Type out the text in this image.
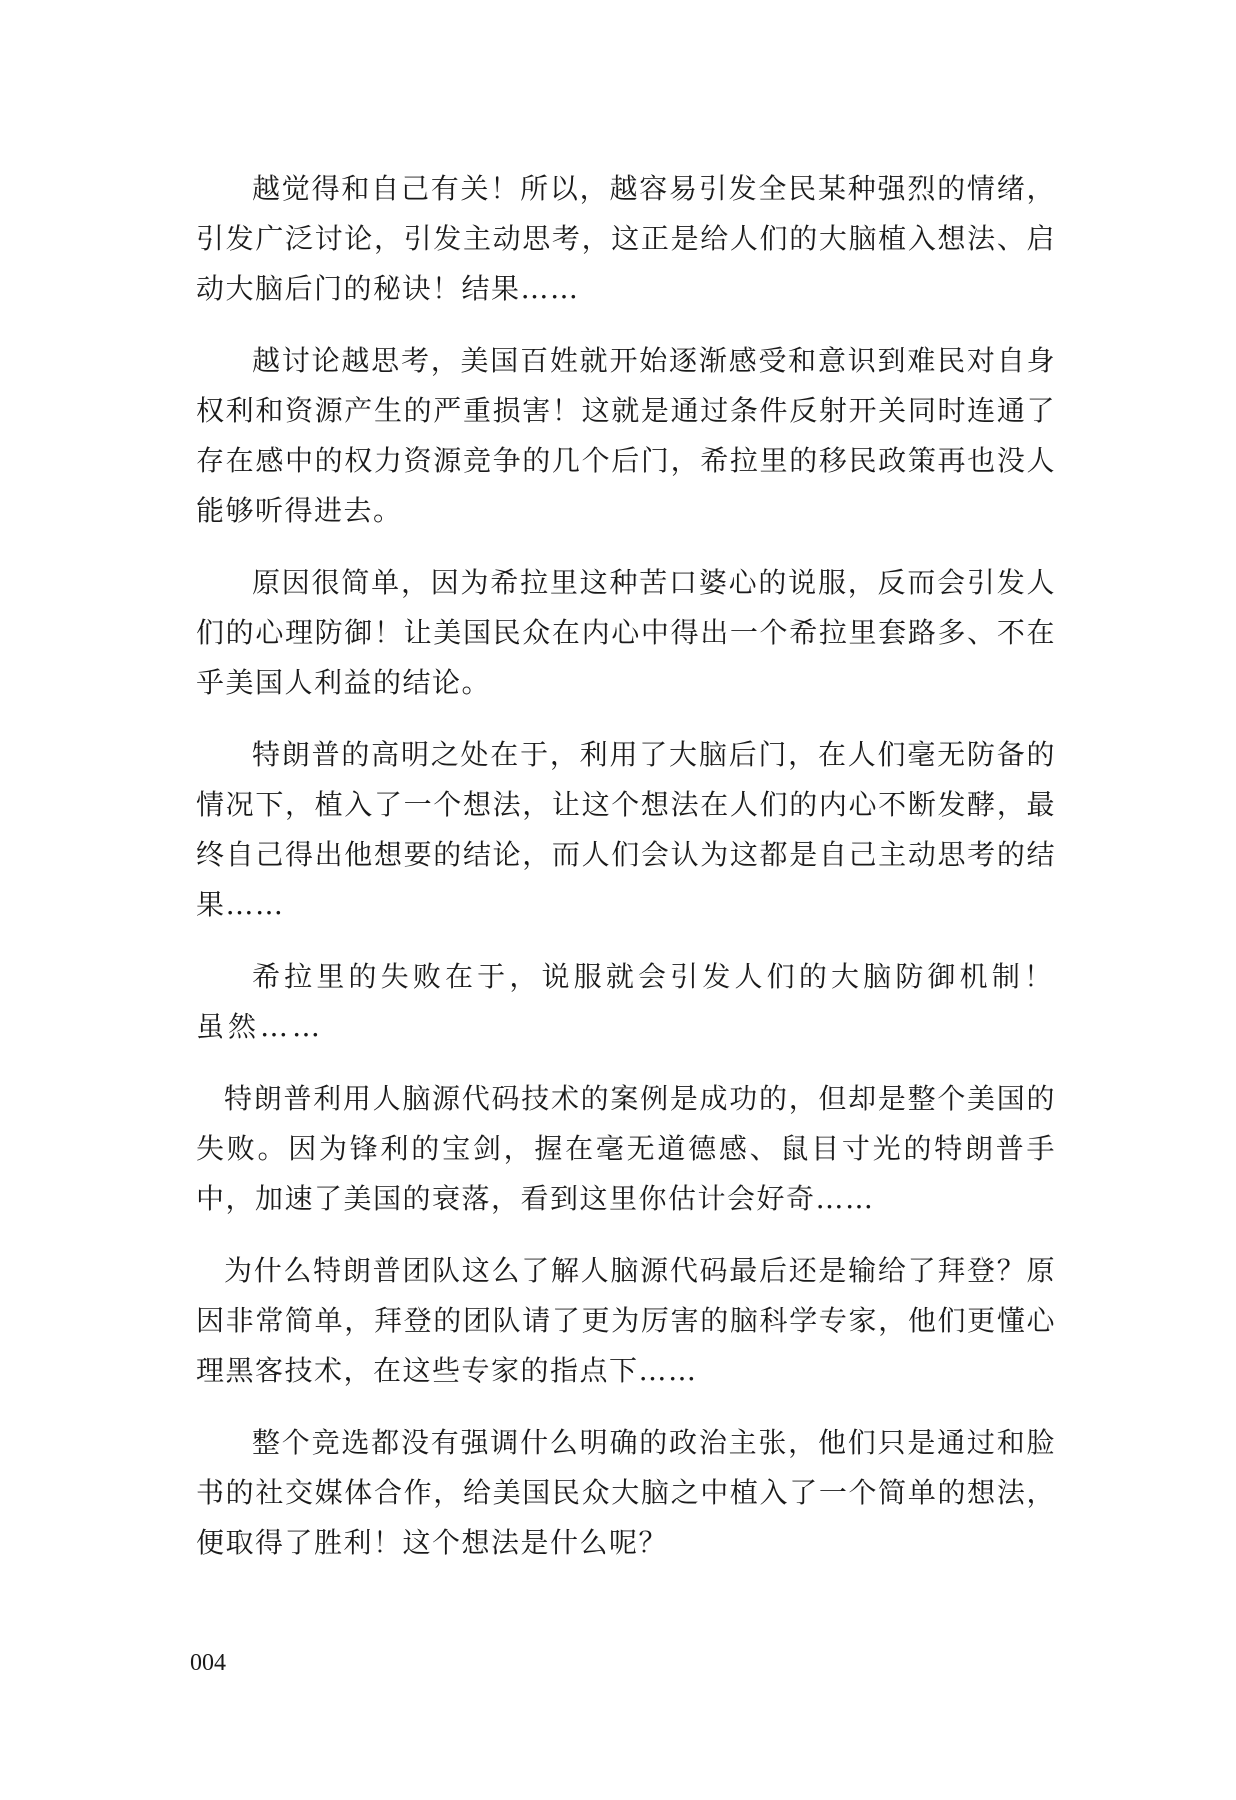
越觉得和自己有关！所以，越容易引发全民某种强烈的情绪，引发广泛讨论，引发主动思考，这正是给人们的大脑植入想法、启动大脑后门的秘诀！结果……

越讨论越思考，美国百姓就开始逐渐感受和意识到难民对自身权利和资源产生的严重损害！这就是通过条件反射开关同时连通了存在感中的权力资源竞争的几个后门，希拉里的移民政策再也没人能够听得进去。

原因很简单，因为希拉里这种苦口婆心的说服，反而会引发人们的心理防御！让美国民众在内心中得出一个希拉里套路多、不在乎美国人利益的结论。

特朗普的高明之处在于，利用了大脑后门，在人们毫无防备的情况下，植入了一个想法，让这个想法在人们的内心不断发酵，最终自己得出他想要的结论，而人们会认为这都是自己主动思考的结果……

希拉里的失败在于，说服就会引发人们的大脑防御机制！虽然……

特朗普利用人脑源代码技术的案例是成功的，但却是整个美国的失败。因为锋利的宝剑，握在毫无道德感、鼠目寸光的特朗普手中，加速了美国的衰落，看到这里你估计会好奇……

为什么特朗普团队这么了解人脑源代码最后还是输给了拜登？原因非常简单，拜登的团队请了更为厉害的脑科学专家，他们更懂心理黑客技术，在这些专家的指点下……

整个竞选都没有强调什么明确的政治主张，他们只是通过和脸书的社交媒体合作，给美国民众大脑之中植入了一个简单的想法，便取得了胜利！这个想法是什么呢？

004
